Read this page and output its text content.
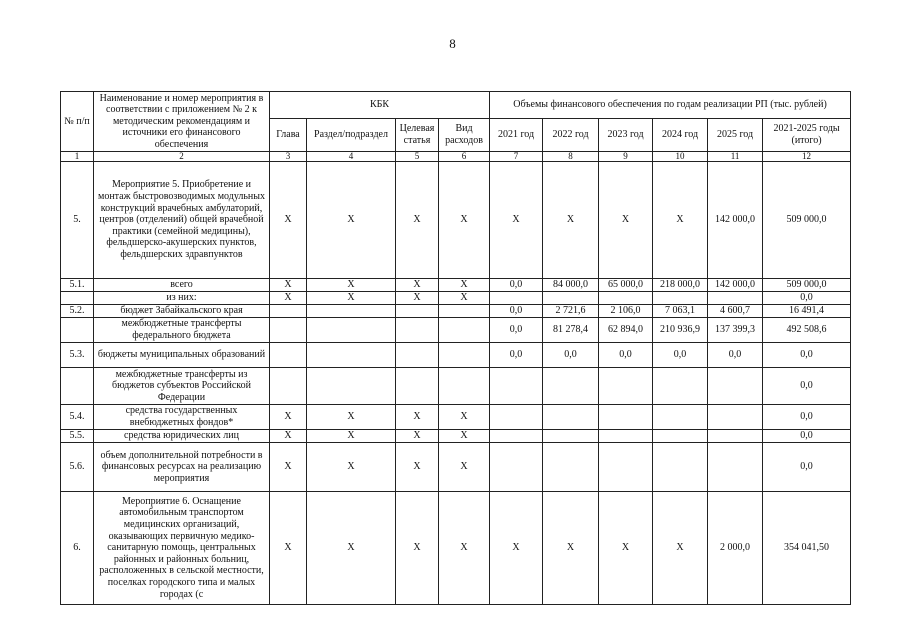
8
№ п/п	Наименование и номер мероприятия в соответствии с приложением № 2 к методическим рекомендациям и источники его финансового обеспечения	КБК				Объемы финансового обеспечения по годам реализации РП (тыс. рублей)					
		Глава	Раздел/подраздел	Целевая статья	Вид расходов	2021 год	2022 год	2023 год	2024 год	2025 год	2021-2025 годы (итого)
1	2	3	4	5	6	7	8	9	10	11	12
5.	Мероприятие 5. Приобретение и монтаж быстровозводимых модульных конструкций врачебных амбулаторий, центров (отделений) общей врачебной практики (семейной медицины), фельдшерско-акушерских пунктов, фельдшерских здравпунктов	X	X	X	X	X	X	X	X	142 000,0	509 000,0
5.1.	всего	X	X	X	X	0,0	84 000,0	65 000,0	218 000,0	142 000,0	509 000,0
	из них:	X	X	X	X						0,0
5.2.	бюджет Забайкальского края					0,0	2 721,6	2 106,0	7 063,1	4 600,7	16 491,4
	межбюджетные трансферты федерального бюджета					0,0	81 278,4	62 894,0	210 936,9	137 399,3	492 508,6
5.3.	бюджеты муниципальных образований					0,0	0,0	0,0	0,0	0,0	0,0
	межбюджетные трансферты из бюджетов субъектов Российской Федерации										0,0
5.4.	средства государственных внебюджетных фондов*	X	X	X	X						0,0
5.5.	средства юридических лиц	X	X	X	X						0,0
5.6.	объем дополнительной потребности в финансовых ресурсах на реализацию мероприятия	X	X	X	X						0,0
6.	Мероприятие 6. Оснащение автомобильным транспортом медицинских организаций, оказывающих первичную медико-санитарную помощь, центральных районных и районных больниц, расположенных в сельской местности, поселках городского типа и малых городах (с	X	X	X	X	X	X	X	X	2 000,0	354 041,50
